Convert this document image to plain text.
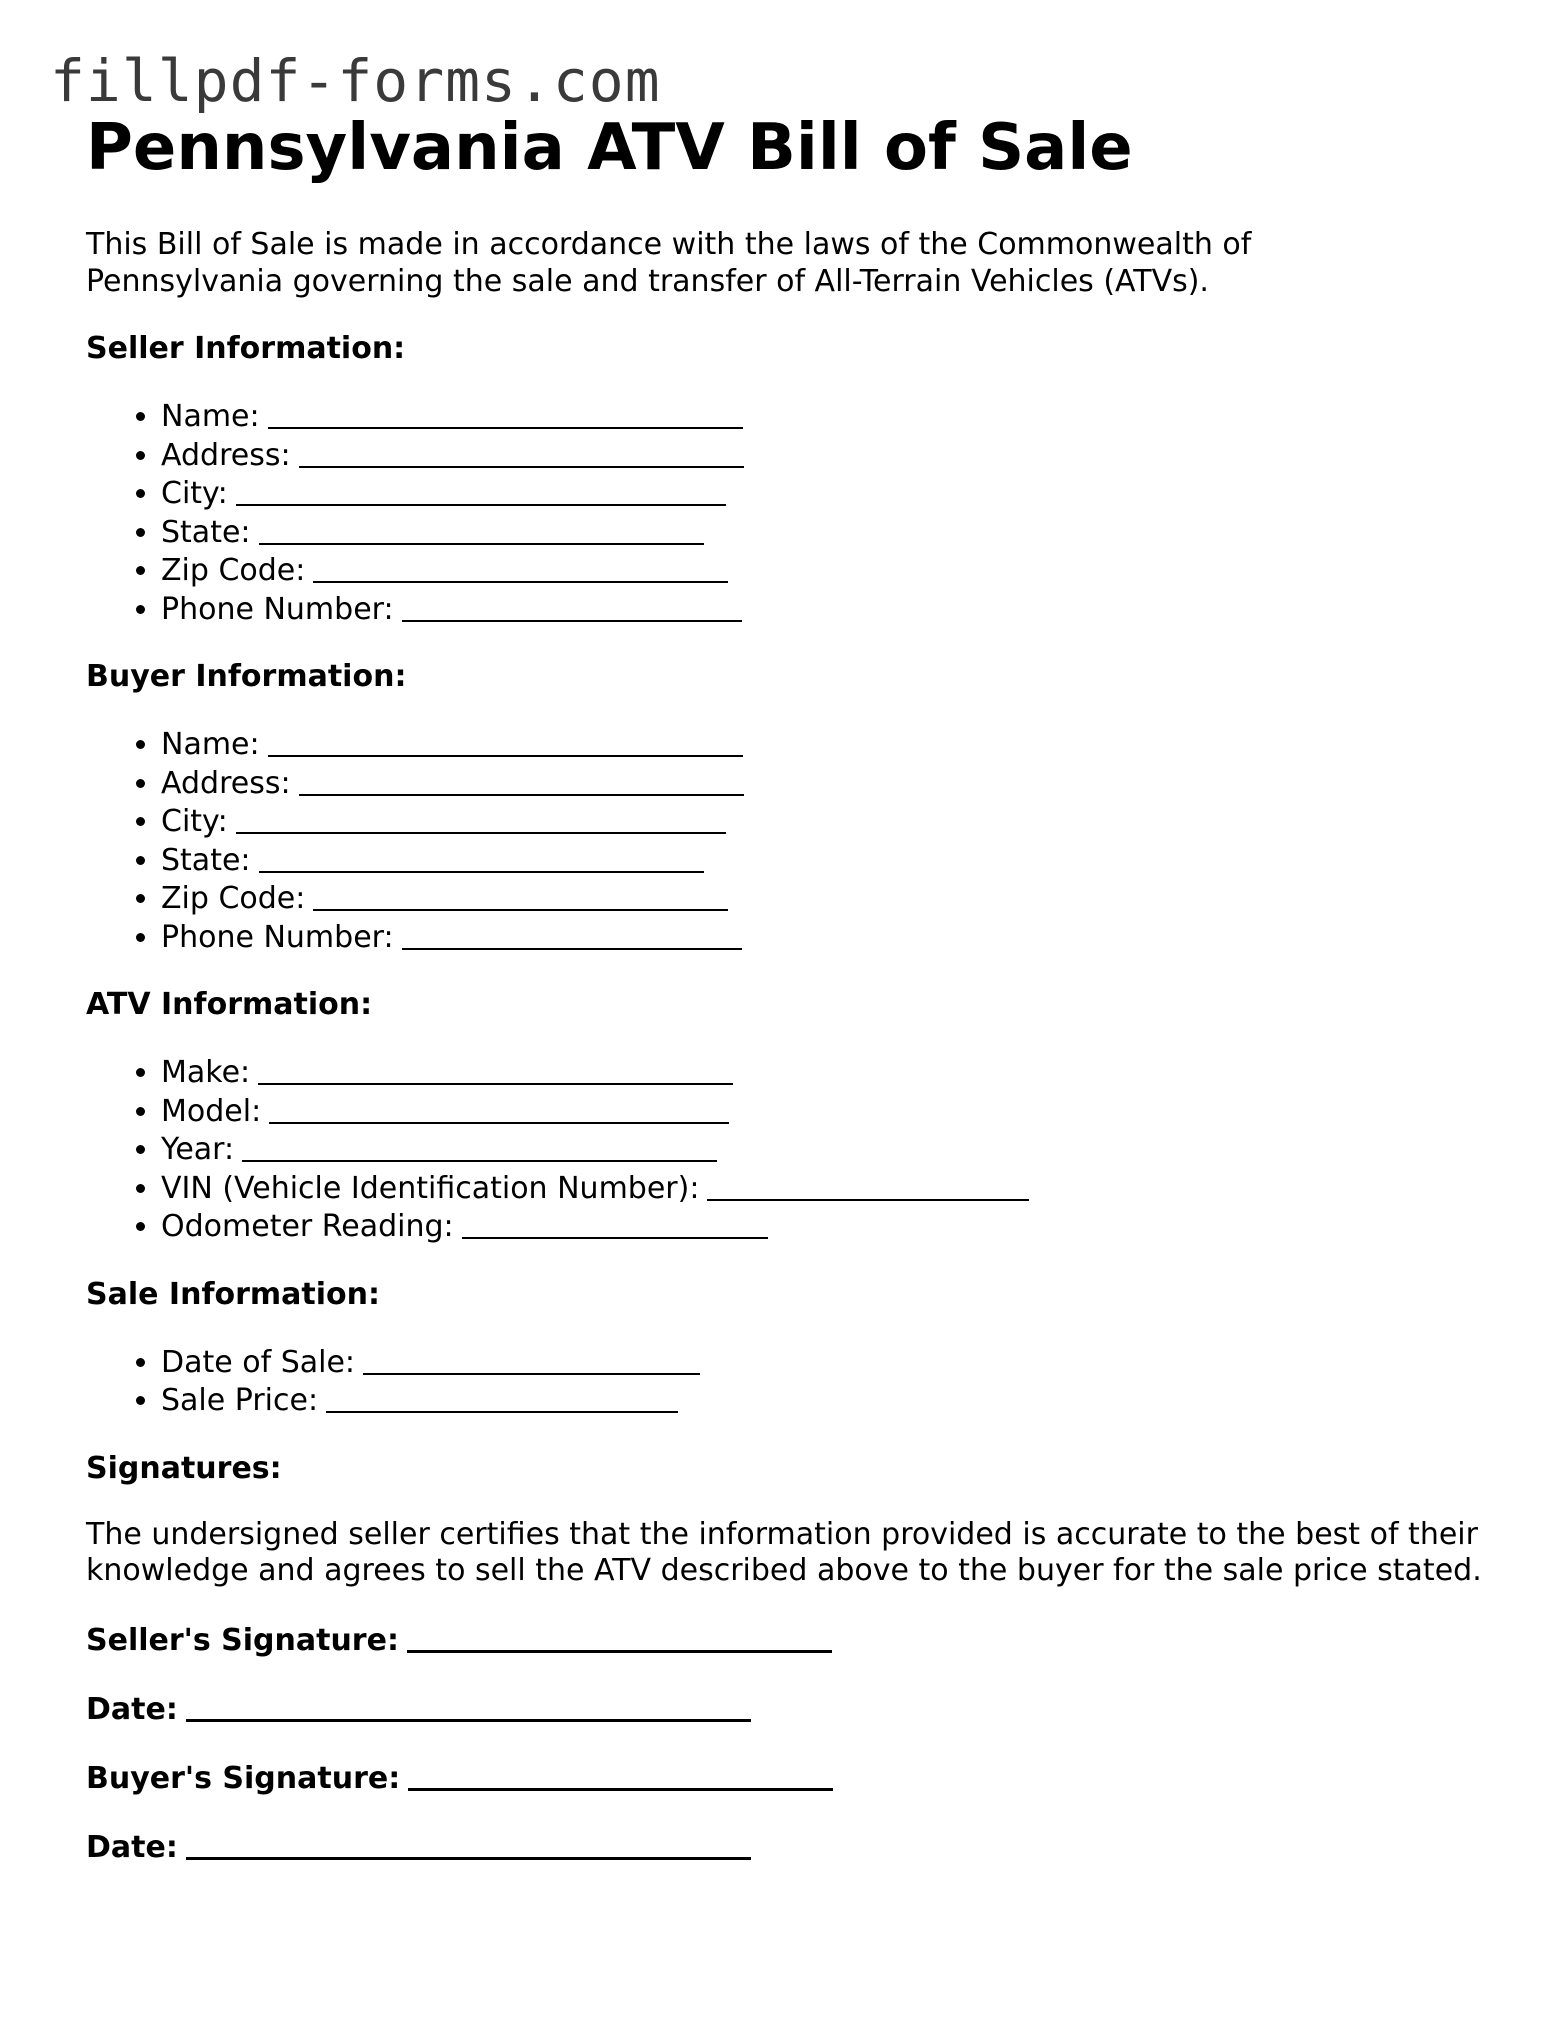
fillpdf-forms.com
Pennsylvania ATV Bill of Sale

This Bill of Sale is made in accordance with the laws of the Commonwealth of Pennsylvania governing the sale and transfer of All-Terrain Vehicles (ATVs).

Seller Information:

• Name:
• Address:
• City:
• State:
• Zip Code:
• Phone Number:

Buyer Information:

• Name:
• Address:
• City:
• State:
• Zip Code:
• Phone Number:

ATV Information:

• Make:
• Model:
• Year:
• VIN (Vehicle Identification Number):
• Odometer Reading:

Sale Information:

• Date of Sale:
• Sale Price:

Signatures:

The undersigned seller certifies that the information provided is accurate to the best of their knowledge and agrees to sell the ATV described above to the buyer for the sale price stated.

Seller's Signature:

Date:

Buyer's Signature:

Date:
